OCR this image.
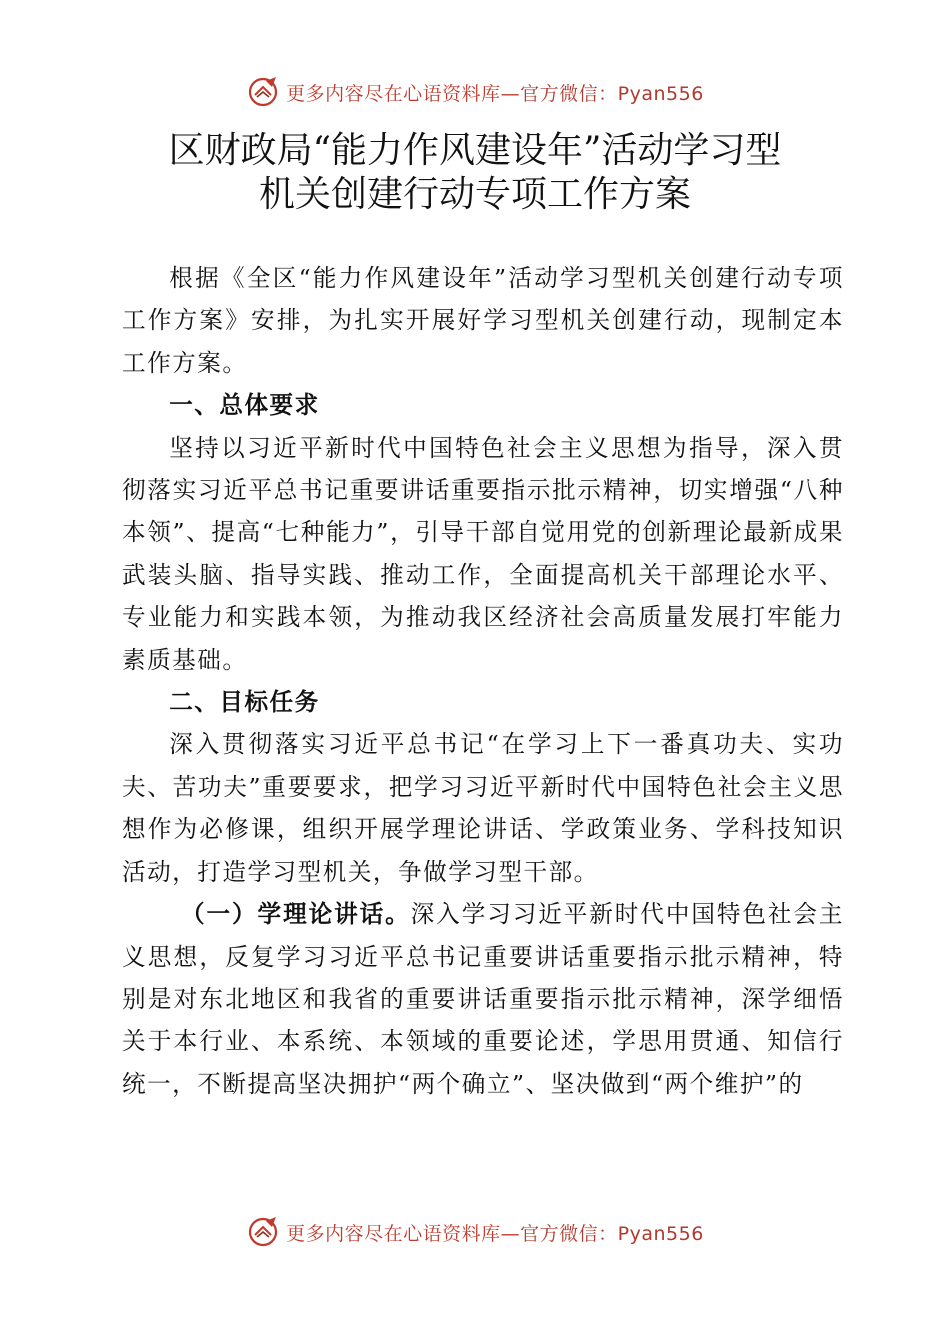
更多内容尽在心语资料库—官方微信：Pyan556
区财政局“能力作风建设年”活动学习型
机关创建行动专项工作方案

根据《全区“能力作风建设年”活动学习型机关创建行动专项工作方案》安排，为扎实开展好学习型机关创建行动，现制定本工作方案。

一、总体要求

坚持以习近平新时代中国特色社会主义思想为指导，深入贯彻落实习近平总书记重要讲话重要指示批示精神，切实增强“八种本领”、提高“七种能力”，引导干部自觉用党的创新理论最新成果武装头脑、指导实践、推动工作，全面提高机关干部理论水平、专业能力和实践本领，为推动我区经济社会高质量发展打牢能力素质基础。

二、目标任务

深入贯彻落实习近平总书记“在学习上下一番真功夫、实功夫、苦功夫”重要要求，把学习习近平新时代中国特色社会主义思想作为必修课，组织开展学理论讲话、学政策业务、学科技知识活动，打造学习型机关，争做学习型干部。

（一）学理论讲话。深入学习习近平新时代中国特色社会主义思想，反复学习习近平总书记重要讲话重要指示批示精神，特别是对东北地区和我省的重要讲话重要指示批示精神，深学细悟关于本行业、本系统、本领域的重要论述，学思用贯通、知信行统一，不断提高坚决拥护“两个确立”、坚决做到“两个维护”的

更多内容尽在心语资料库—官方微信：Pyan556
